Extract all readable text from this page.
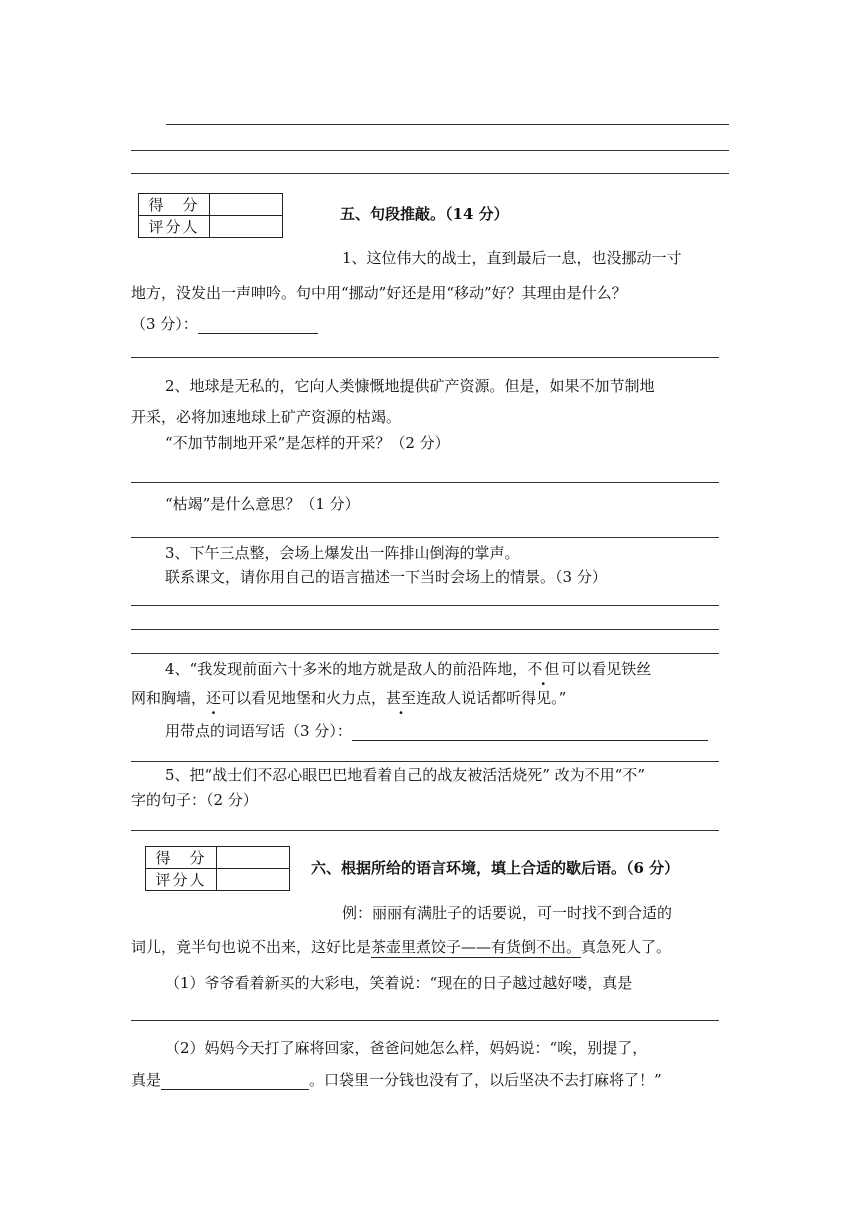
得　分	
评分人	
五、句段推敲。（14 分）
1、这位伟大的战士，直到最后一息，也没挪动一寸
地方，没发出一声呻吟。句中用“挪动”好还是用“移动”好？其理由是什么？
（3 分）：
2、地球是无私的，它向人类慷慨地提供矿产资源。但是，如果不加节制地
开采，必将加速地球上矿产资源的枯竭。
“不加节制地开采”是怎样的开采？（2 分）
“枯竭”是什么意思？（1 分）
3、下午三点整，会场上爆发出一阵排山倒海的掌声。
联系课文，请你用自己的语言描述一下当时会场上的情景。（3 分）
4、“我发现前面六十多米的地方就是敌人的前沿阵地，不但可以看见铁丝
网和胸墙，还可以看见地堡和火力点，甚至连敌人说话都听得见。”
用带点的词语写话（3 分）：
5、把“战士们不忍心眼巴巴地看着自己的战友被活活烧死” 改为不用“不”
字的句子：（2 分）
得　分	
评分人	
六、根据所给的语言环境，填上合适的歇后语。（6 分）
例：丽丽有满肚子的话要说，可一时找不到合适的
词儿，竟半句也说不出来，这好比是茶壶里煮饺子——有货倒不出。真急死人了。
（1）爷爷看着新买的大彩电，笑着说：“现在的日子越过越好喽，真是
（2）妈妈今天打了麻将回家，爸爸问她怎么样，妈妈说：“唉，别提了，
真是	。口袋里一分钱也没有了，以后坚决不去打麻将了！”
